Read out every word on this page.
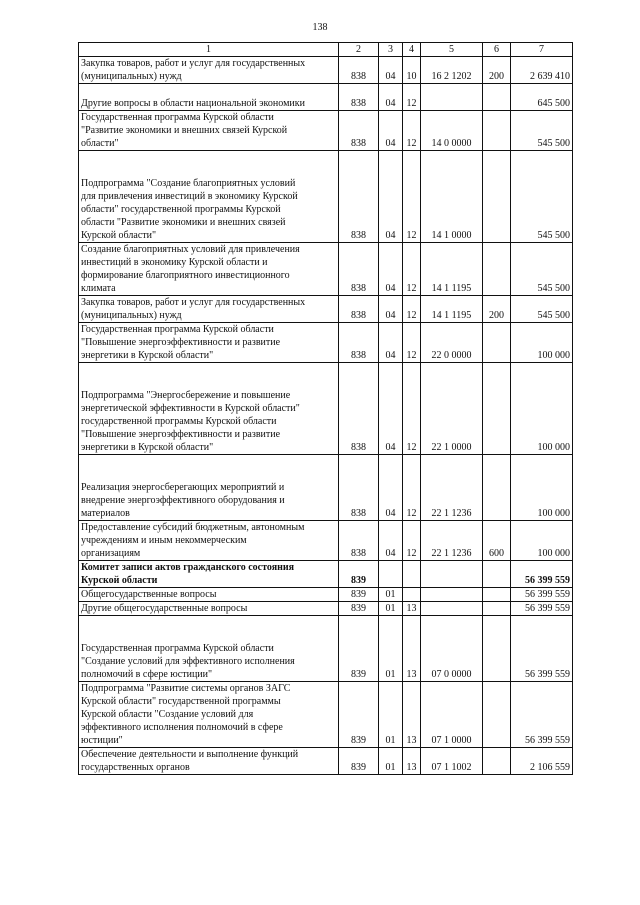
138
1	2	3	4	5	6	7

Закупка товаров, работ и услуг для государственных
(муниципальных) нужд	838	04	10	16 2 1202	200	2 639 410

Другие вопросы в области национальной экономики	838	04	12			645 500

Государственная программа Курской области
"Развитие экономики и внешних связей Курской
области"	838	04	12	14 0 0000		545 500

Подпрограмма "Создание благоприятных условий
для привлечения инвестиций в экономику Курской
области" государственной программы Курской
области "Развитие экономики и внешних связей
Курской области"	838	04	12	14 1 0000		545 500

Создание благоприятных условий для привлечения
инвестиций в экономику Курской области и
формирование благоприятного инвестиционного
климата	838	04	12	14 1 1195		545 500

Закупка товаров, работ и услуг для государственных
(муниципальных) нужд	838	04	12	14 1 1195	200	545 500

Государственная программа Курской области
"Повышение энергоэффективности и развитие
энергетики в Курской области"	838	04	12	22 0 0000		100 000

Подпрограмма "Энергосбережение и повышение
энергетической эффективности в Курской области"
государственной программы Курской области
"Повышение энергоэффективности и развитие
энергетики в Курской области"	838	04	12	22 1 0000		100 000

Реализация энергосберегающих мероприятий и
внедрение энергоэффективного оборудования и
материалов	838	04	12	22 1 1236		100 000

Предоставление субсидий бюджетным, автономным
учреждениям и иным некоммерческим
организациям	838	04	12	22 1 1236	600	100 000

Комитет записи актов гражданского состояния
Курской области	839					56 399 559

Общегосударственные вопросы	839	01				56 399 559

Другие общегосударственные вопросы	839	01	13			56 399 559

Государственная программа Курской области
"Создание условий для эффективного исполнения
полномочий в сфере юстиции"	839	01	13	07 0 0000		56 399 559

Подпрограмма "Развитие системы органов ЗАГС
Курской области" государственной программы
Курской области "Создание условий для
эффективного исполнения полномочий в сфере
юстиции"	839	01	13	07 1 0000		56 399 559

Обеспечение деятельности и выполнение функций
государственных органов	839	01	13	07 1 1002		2 106 559
